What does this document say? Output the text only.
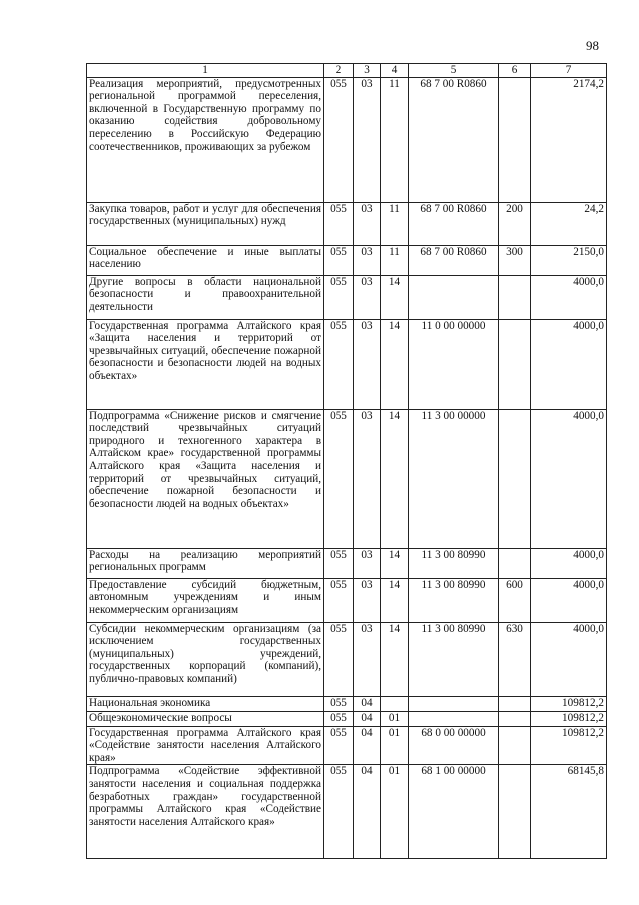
98
1	2	3	4	5	6	7
Реализация мероприятий, предусмотренных региональной программой переселения, включенной в Государственную программу по оказанию содействия добровольному переселению в Российскую Федерацию соотечественников, проживающих за рубежом	055	03	11	68 7 00 R0860		2174,2
Закупка товаров, работ и услуг для обеспечения государственных (муниципальных) нужд	055	03	11	68 7 00 R0860	200	24,2
Социальное обеспечение и иные выплаты населению	055	03	11	68 7 00 R0860	300	2150,0
Другие вопросы в области национальной безопасности и правоохранительной деятельности	055	03	14			4000,0
Государственная программа Алтайского края «Защита населения и территорий от чрезвычайных ситуаций, обеспечение пожарной безопасности и безопасности людей на водных объектах»	055	03	14	11 0 00 00000		4000,0
Подпрограмма «Снижение рисков и смягчение последствий чрезвычайных ситуаций природного и техногенного характера в Алтайском крае» государственной программы Алтайского края «Защита населения и территорий от чрезвычайных ситуаций, обеспечение пожарной безопасности и безопасности людей на водных объектах»	055	03	14	11 3 00 00000		4000,0
Расходы на реализацию мероприятий региональных программ	055	03	14	11 3 00 80990		4000,0
Предоставление субсидий бюджетным, автономным учреждениям и иным некоммерческим организациям	055	03	14	11 3 00 80990	600	4000,0
Субсидии некоммерческим организациям (за исключением государственных (муниципальных) учреждений, государственных корпораций (компаний), публично-правовых компаний)	055	03	14	11 3 00 80990	630	4000,0
Национальная экономика	055	04				109812,2
Общеэкономические вопросы	055	04	01			109812,2
Государственная программа Алтайского края «Содействие занятости населения Алтайского края»	055	04	01	68 0 00 00000		109812,2
Подпрограмма «Содействие эффективной занятости населения и социальная поддержка безработных граждан» государственной программы Алтайского края «Содействие занятости населения Алтайского края»	055	04	01	68 1 00 00000		68145,8
